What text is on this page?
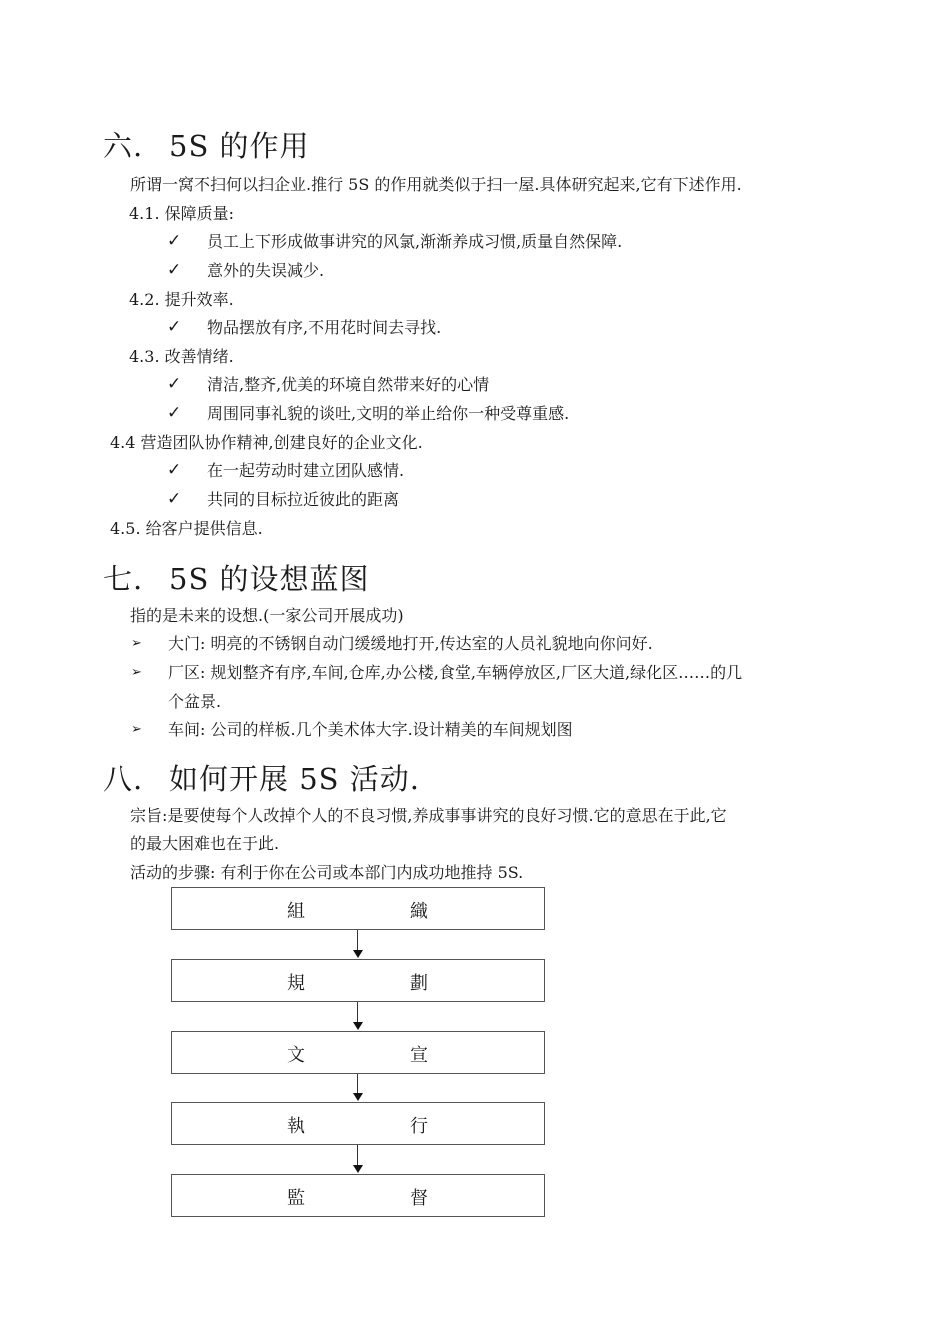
六. 5S 的作用
所谓一窝不扫何以扫企业.推行 5S 的作用就类似于扫一屋.具体研究起来,它有下述作用.
4.1. 保障质量:
✓ 员工上下形成做事讲究的风氯,渐渐养成习惯,质量自然保障.
✓ 意外的失误减少.
4.2. 提升效率.
✓ 物品摆放有序,不用花时间去寻找.
4.3. 改善情绪.
✓ 清洁,整齐,优美的环境自然带来好的心情
✓ 周围同事礼貌的谈吐,文明的举止给你一种受尊重感.
4.4 营造团队协作精神,创建良好的企业文化.
✓ 在一起劳动时建立团队感情.
✓ 共同的目标拉近彼此的距离
4.5. 给客户提供信息.
七. 5S 的设想蓝图
指的是未来的设想.(一家公司开展成功)
➢ 大门: 明亮的不锈钢自动门缓缓地打开,传达室的人员礼貌地向你问好.
➢ 厂区: 规划整齐有序,车间,仓库,办公楼,食堂,车辆停放区,厂区大道,绿化区……的几
个盆景.
➢ 车间: 公司的样板.几个美术体大字.设计精美的车间规划图
八. 如何开展 5S 活动.
宗旨:是要使每个人改掉个人的不良习惯,养成事事讲究的良好习惯.它的意思在于此,它
的最大困难也在于此.
活动的步骤: 有利于你在公司或本部门内成功地推持 5S.
組	織
規	劃
文	宣
執	行
監	督
